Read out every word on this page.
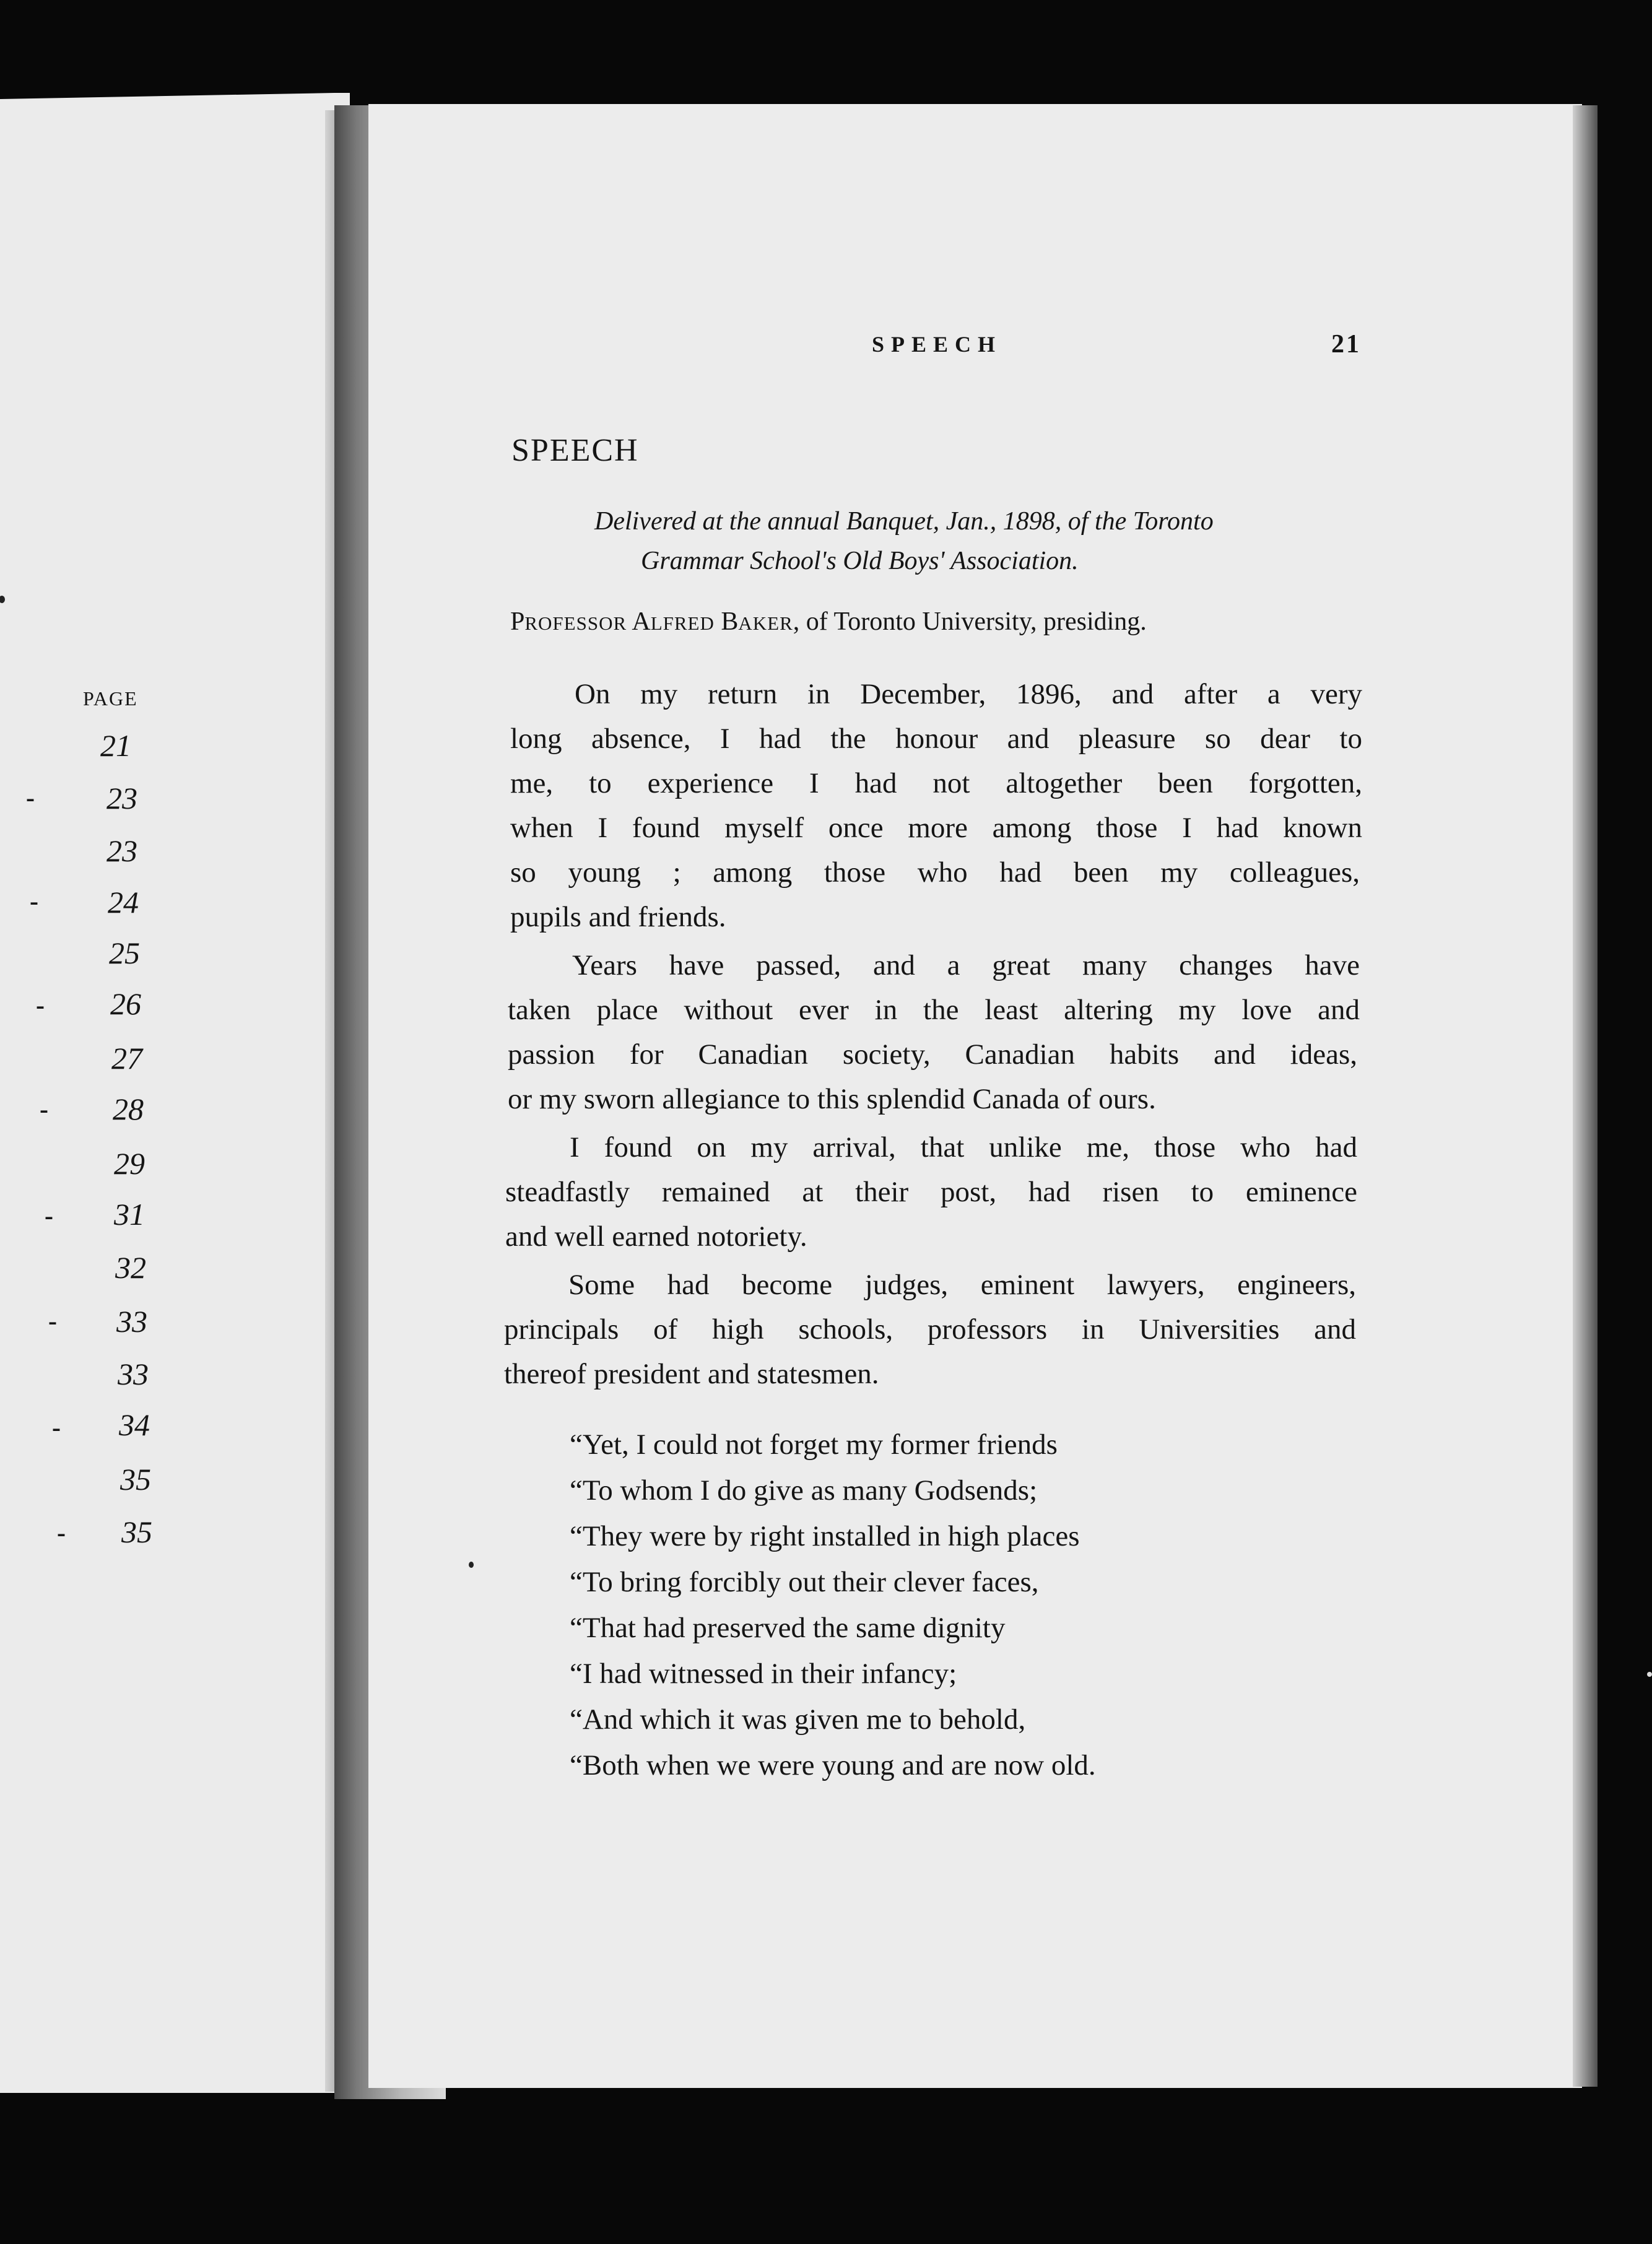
PAGE
21
23
23
24
25
26
27
28
29
31
32
33
33
34
35
35
-
-
-
-
-
-
-
-
SPEECH	21
SPEECH
Delivered at the annual Banquet, Jan., 1898, of the Toronto
Grammar School's Old Boys' Association.
PROFESSOR ALFRED BAKER, of Toronto University, presiding.
On my return in December, 1896, and after a very
long absence, I had the honour and pleasure so dear to
me, to experience I had not altogether been forgotten,
when I found myself once more among those I had known
so young ; among those who had been my colleagues,
pupils and friends.
Years have passed, and a great many changes have
taken place without ever in the least altering my love and
passion for Canadian society, Canadian habits and ideas,
or my sworn allegiance to this splendid Canada of ours.
I found on my arrival, that unlike me, those who had
steadfastly remained at their post, had risen to eminence
and well earned notoriety.
Some had become judges, eminent lawyers, engineers,
principals of high schools, professors in Universities and
thereof president and statesmen.
“Yet, I could not forget my former friends
“To whom I do give as many Godsends;
“They were by right installed in high places
“To bring forcibly out their clever faces,
“That had preserved the same dignity
“I had witnessed in their infancy;
“And which it was given me to behold,
“Both when we were young and are now old.
